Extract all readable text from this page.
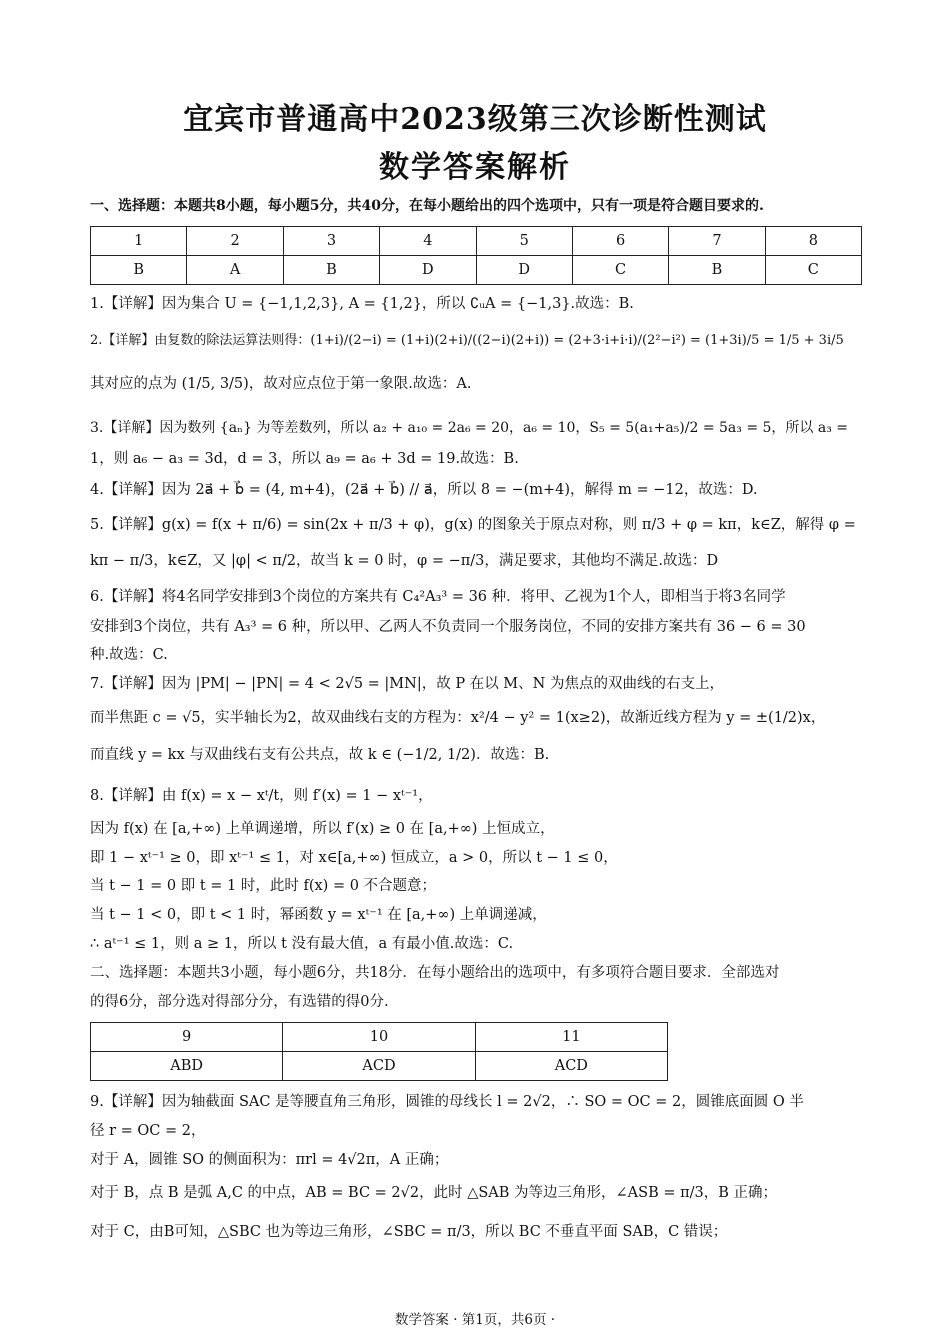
宜宾市普通高中2023级第三次诊断性测试
数学答案解析
一、选择题：本题共8小题，每小题5分，共40分，在每小题给出的四个选项中，只有一项是符合题目要求的.
1	2	3	4	5	6	7	8
B	A	B	D	D	C	B	C
1.【详解】因为集合 U = {−1,1,2,3}, A = {1,2}，所以 ∁ᵤA = {−1,3}.故选：B.
2.【详解】由复数的除法运算法则得：(1+i)/(2−i) = (1+i)(2+i)/((2−i)(2+i)) = (2+3·i+i·i)/(2²−i²) = (1+3i)/5 = 1/5 + 3i/5
其对应的点为 (1/5, 3/5)，故对应点位于第一象限.故选：A.
3.【详解】因为数列 {aₙ} 为等差数列，所以 a₂ + a₁₀ = 2a₆ = 20，a₆ = 10，S₅ = 5(a₁+a₅)/2 = 5a₃ = 5，所以 a₃ =
1，则 a₆ − a₃ = 3d，d = 3，所以 a₉ = a₆ + 3d = 19.故选：B.
4.【详解】因为 2a⃗ + b⃗ = (4, m+4)，(2a⃗ + b⃗) // a⃗，所以 8 = −(m+4)，解得 m = −12，故选：D.
5.【详解】g(x) = f(x + π/6) = sin(2x + π/3 + φ)，g(x) 的图象关于原点对称，则 π/3 + φ = kπ，k∈Z，解得 φ =
kπ − π/3，k∈Z，又 |φ| < π/2，故当 k = 0 时，φ = −π/3，满足要求，其他均不满足.故选：D
6.【详解】将4名同学安排到3个岗位的方案共有 C₄²A₃³ = 36 种．将甲、乙视为1个人，即相当于将3名同学
安排到3个岗位，共有 A₃³ = 6 种，所以甲、乙两人不负责同一个服务岗位，不同的安排方案共有 36 − 6 = 30
种.故选：C.
7.【详解】因为 |PM| − |PN| = 4 < 2√5 = |MN|，故 P 在以 M、N 为焦点的双曲线的右支上，
而半焦距 c = √5，实半轴长为2，故双曲线右支的方程为：x²/4 − y² = 1(x≥2)，故渐近线方程为 y = ±(1/2)x，
而直线 y = kx 与双曲线右支有公共点，故 k ∈ (−1/2, 1/2)．故选：B.
8.【详解】由 f(x) = x − xᵗ/t，则 f′(x) = 1 − xᵗ⁻¹，
因为 f(x) 在 [a,+∞) 上单调递增，所以 f′(x) ≥ 0 在 [a,+∞) 上恒成立，
即 1 − xᵗ⁻¹ ≥ 0，即 xᵗ⁻¹ ≤ 1，对 x∈[a,+∞) 恒成立，a > 0，所以 t − 1 ≤ 0，
当 t − 1 = 0 即 t = 1 时，此时 f(x) = 0 不合题意；
当 t − 1 < 0，即 t < 1 时，幂函数 y = xᵗ⁻¹ 在 [a,+∞) 上单调递减，
∴ aᵗ⁻¹ ≤ 1，则 a ≥ 1，所以 t 没有最大值，a 有最小值.故选：C.
二、选择题：本题共3小题，每小题6分，共18分．在每小题给出的选项中，有多项符合题目要求．全部选对
的得6分，部分选对得部分分，有选错的得0分.
9	10	11
ABD	ACD	ACD
9.【详解】因为轴截面 SAC 是等腰直角三角形，圆锥的母线长 l = 2√2，∴ SO = OC = 2，圆锥底面圆 O 半
径 r = OC = 2，
对于 A，圆锥 SO 的侧面积为：πrl = 4√2π，A 正确；
对于 B，点 B 是弧 A,C 的中点，AB = BC = 2√2，此时 △SAB 为等边三角形，∠ASB = π/3，B 正确；
对于 C，由B可知，△SBC 也为等边三角形，∠SBC = π/3，所以 BC 不垂直平面 SAB，C 错误；
数学答案 · 第1页，共6页 ·
